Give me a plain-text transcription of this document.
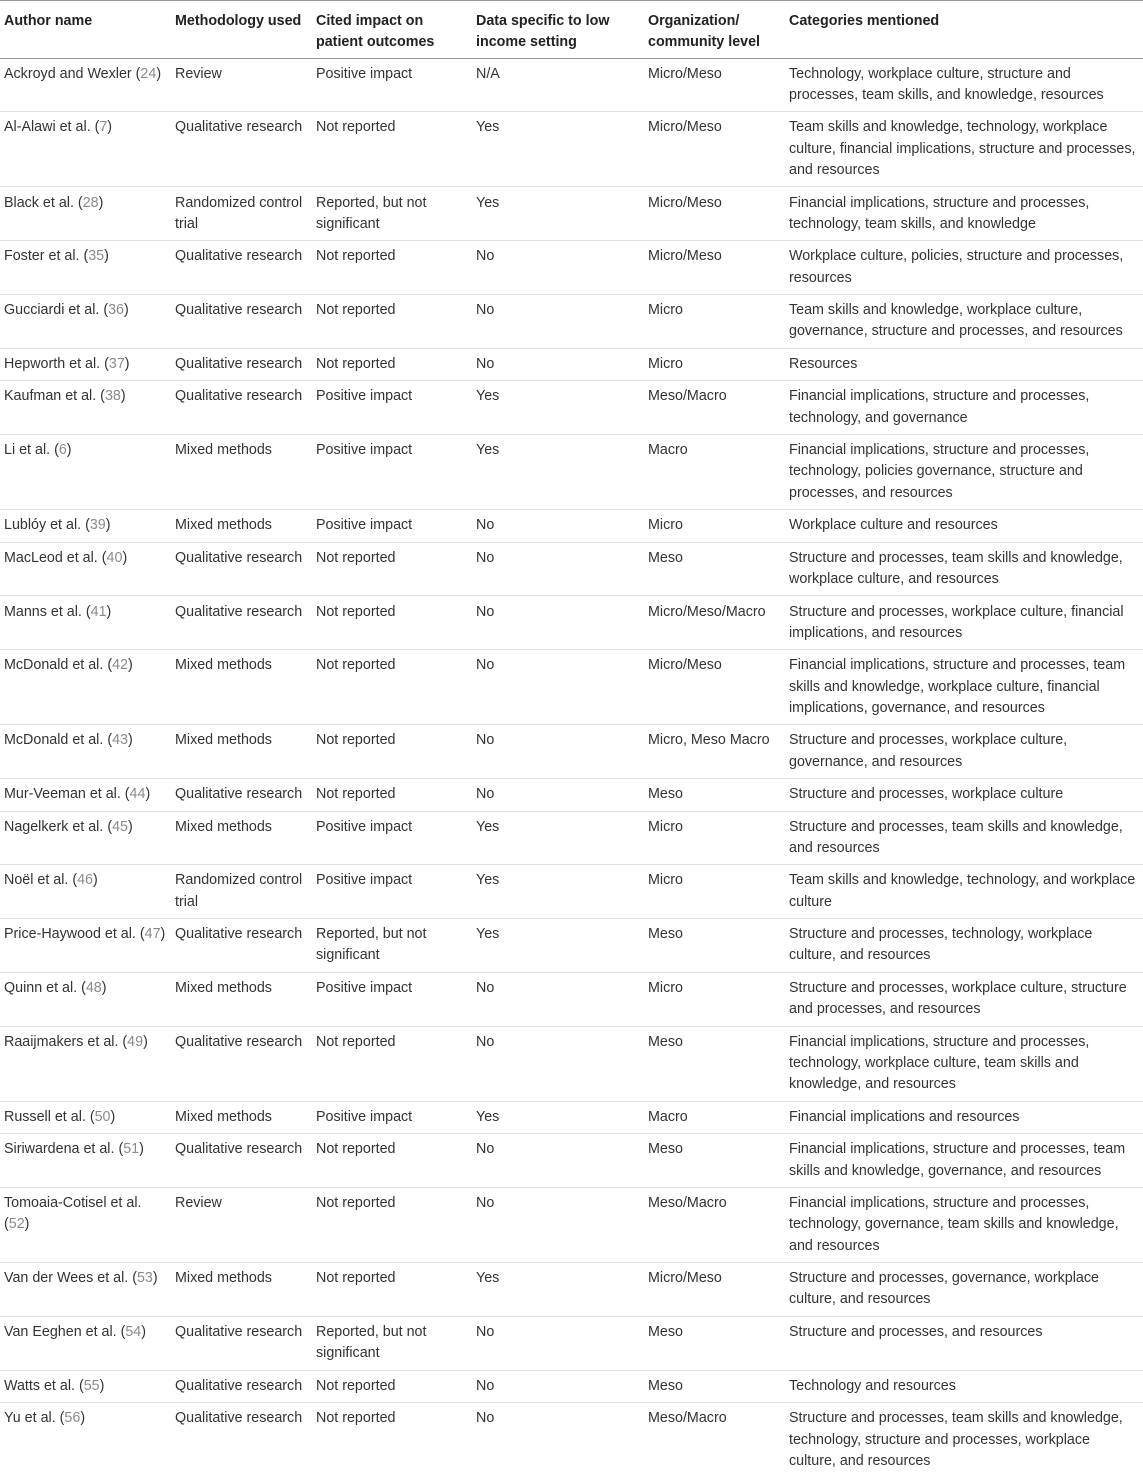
Author name	Methodology used	Cited impact on patient outcomes	Data specific to low income setting	Organization/ community level	Categories mentioned
Ackroyd and Wexler (24)	Review	Positive impact	N/A	Micro/Meso	Technology, workplace culture, structure and processes, team skills, and knowledge, resources
Al-Alawi et al. (7)	Qualitative research	Not reported	Yes	Micro/Meso	Team skills and knowledge, technology, workplace culture, financial implications, structure and processes, and resources
Black et al. (28)	Randomized control trial	Reported, but not significant	Yes	Micro/Meso	Financial implications, structure and processes, technology, team skills, and knowledge
Foster et al. (35)	Qualitative research	Not reported	No	Micro/Meso	Workplace culture, policies, structure and processes, resources
Gucciardi et al. (36)	Qualitative research	Not reported	No	Micro	Team skills and knowledge, workplace culture, governance, structure and processes, and resources
Hepworth et al. (37)	Qualitative research	Not reported	No	Micro	Resources
Kaufman et al. (38)	Qualitative research	Positive impact	Yes	Meso/Macro	Financial implications, structure and processes, technology, and governance
Li et al. (6)	Mixed methods	Positive impact	Yes	Macro	Financial implications, structure and processes, technology, policies governance, structure and processes, and resources
Lublóy et al. (39)	Mixed methods	Positive impact	No	Micro	Workplace culture and resources
MacLeod et al. (40)	Qualitative research	Not reported	No	Meso	Structure and processes, team skills and knowledge, workplace culture, and resources
Manns et al. (41)	Qualitative research	Not reported	No	Micro/Meso/Macro	Structure and processes, workplace culture, financial implications, and resources
McDonald et al. (42)	Mixed methods	Not reported	No	Micro/Meso	Financial implications, structure and processes, team skills and knowledge, workplace culture, financial implications, governance, and resources
McDonald et al. (43)	Mixed methods	Not reported	No	Micro, Meso Macro	Structure and processes, workplace culture, governance, and resources
Mur-Veeman et al. (44)	Qualitative research	Not reported	No	Meso	Structure and processes, workplace culture
Nagelkerk et al. (45)	Mixed methods	Positive impact	Yes	Micro	Structure and processes, team skills and knowledge, and resources
Noël et al. (46)	Randomized control trial	Positive impact	Yes	Micro	Team skills and knowledge, technology, and workplace culture
Price-Haywood et al. (47)	Qualitative research	Reported, but not significant	Yes	Meso	Structure and processes, technology, workplace culture, and resources
Quinn et al. (48)	Mixed methods	Positive impact	No	Micro	Structure and processes, workplace culture, structure and processes, and resources
Raaijmakers et al. (49)	Qualitative research	Not reported	No	Meso	Financial implications, structure and processes, technology, workplace culture, team skills and knowledge, and resources
Russell et al. (50)	Mixed methods	Positive impact	Yes	Macro	Financial implications and resources
Siriwardena et al. (51)	Qualitative research	Not reported	No	Meso	Financial implications, structure and processes, team skills and knowledge, governance, and resources
Tomoaia-Cotisel et al. (52)	Review	Not reported	No	Meso/Macro	Financial implications, structure and processes, technology, governance, team skills and knowledge, and resources
Van der Wees et al. (53)	Mixed methods	Not reported	Yes	Micro/Meso	Structure and processes, governance, workplace culture, and resources
Van Eeghen et al. (54)	Qualitative research	Reported, but not significant	No	Meso	Structure and processes, and resources
Watts et al. (55)	Qualitative research	Not reported	No	Meso	Technology and resources
Yu et al. (56)	Qualitative research	Not reported	No	Meso/Macro	Structure and processes, team skills and knowledge, technology, structure and processes, workplace culture, and resources
